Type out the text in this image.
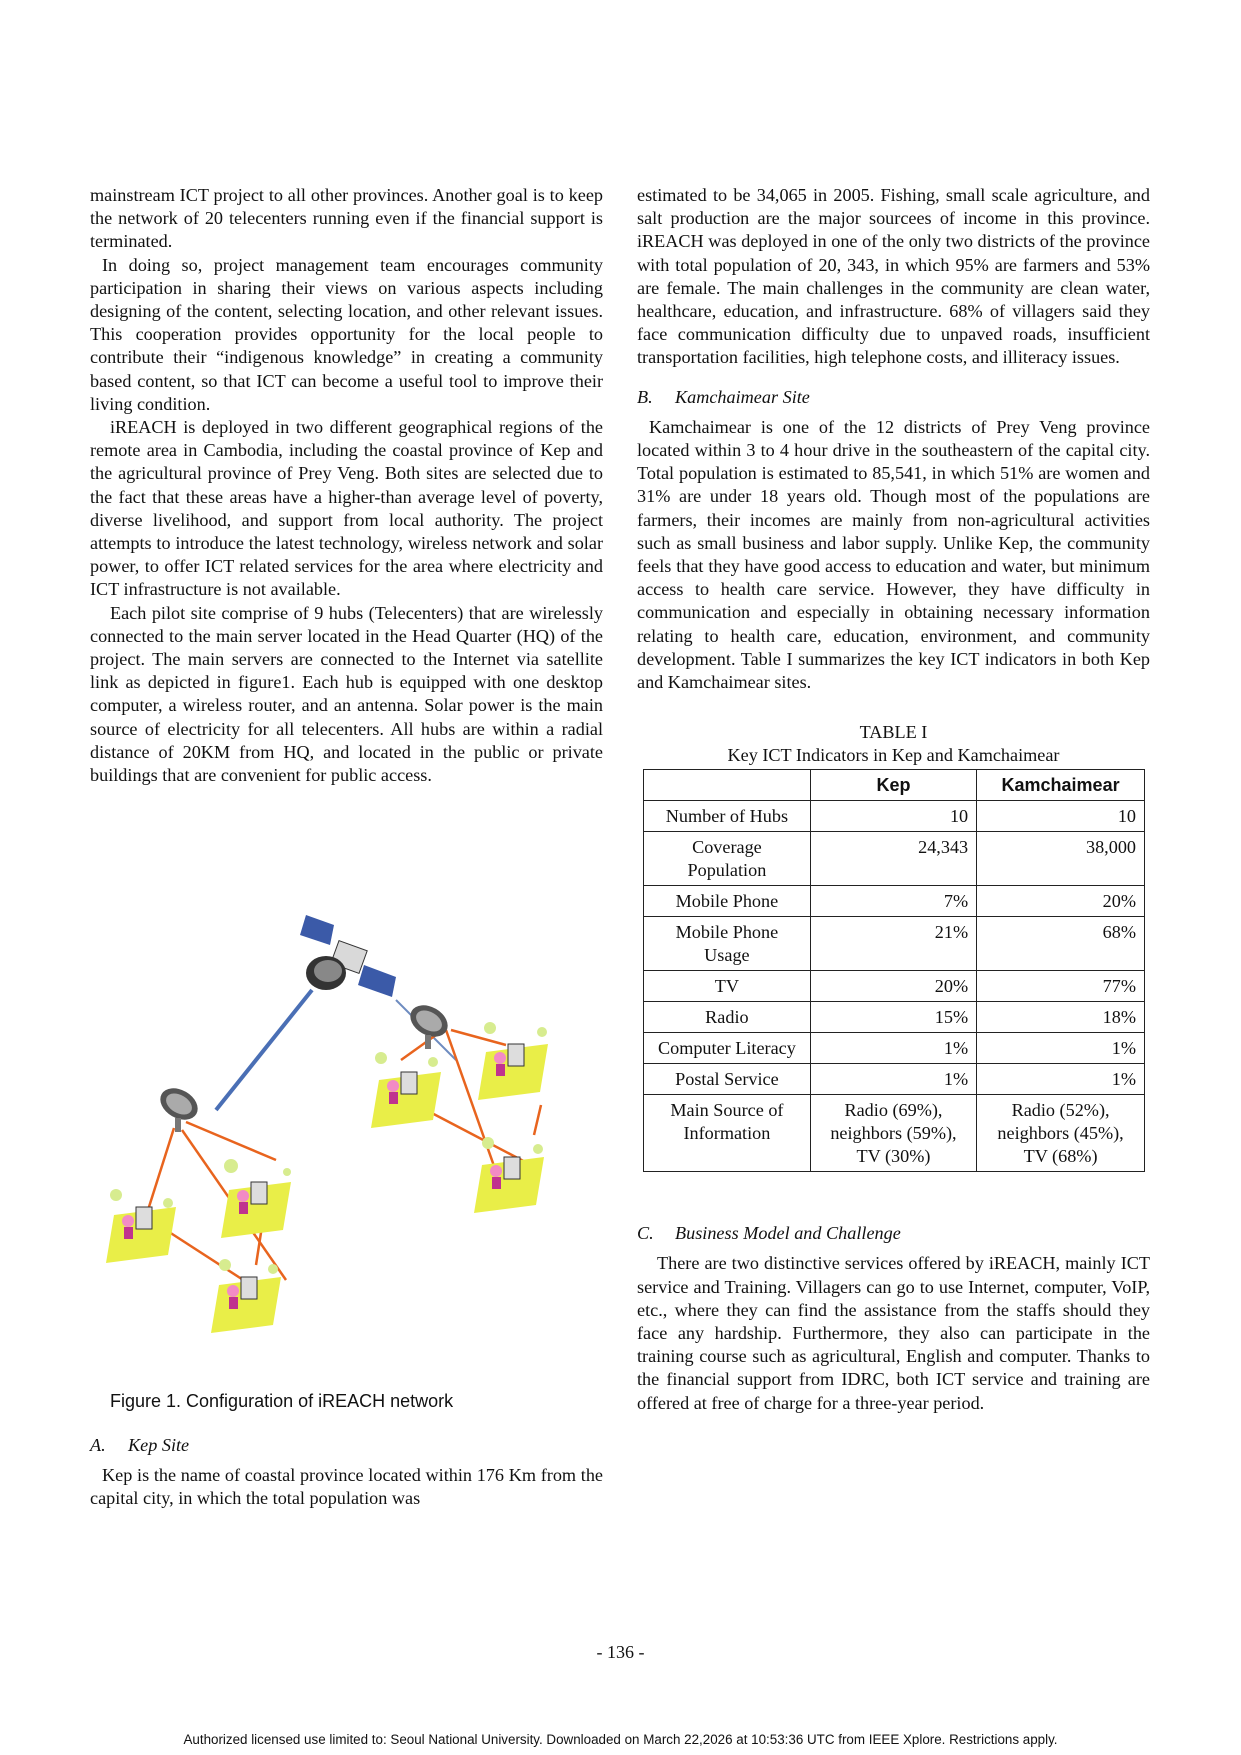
mainstream ICT project to all other provinces. Another goal is to keep the network of 20 telecenters running even if the financial support is terminated.

In doing so, project management team encourages community participation in sharing their views on various aspects including designing of the content, selecting location, and other relevant issues. This cooperation provides opportunity for the local people to contribute their “indigenous knowledge” in creating a community based content, so that ICT can become a useful tool to improve their living condition.

iREACH is deployed in two different geographical regions of the remote area in Cambodia, including the coastal province of Kep and the agricultural province of Prey Veng. Both sites are selected due to the fact that these areas have a higher-than average level of poverty, diverse livelihood, and support from local authority. The project attempts to introduce the latest technology, wireless network and solar power, to offer ICT related services for the area where electricity and ICT infrastructure is not available.

Each pilot site comprise of 9 hubs (Telecenters) that are wirelessly connected to the main server located in the Head Quarter (HQ) of the project. The main servers are connected to the Internet via satellite link as depicted in figure1. Each hub is equipped with one desktop computer, a wireless router, and an antenna. Solar power is the main source of electricity for all telecenters. All hubs are within a radial distance of 20KM from HQ, and located in the public or private buildings that are convenient for public access.

Figure 1. Configuration of iREACH network
A. Kep Site

Kep is the name of coastal province located within 176 Km from the capital city, in which the total population was

estimated to be 34,065 in 2005. Fishing, small scale agriculture, and salt production are the major sourcees of income in this province. iREACH was deployed in one of the only two districts of the province with total population of 20, 343, in which 95% are farmers and 53% are female. The main challenges in the community are clean water, healthcare, education, and infrastructure. 68% of villagers said they face communication difficulty due to unpaved roads, insufficient transportation facilities, high telephone costs, and illiteracy issues.

B. Kamchaimear Site

Kamchaimear is one of the 12 districts of Prey Veng province located within 3 to 4 hour drive in the southeastern of the capital city. Total population is estimated to 85,541, in which 51% are women and 31% are under 18 years old. Though most of the populations are farmers, their incomes are mainly from non-agricultural activities such as small business and labor supply. Unlike Kep, the community feels that they have good access to education and water, but minimum access to health care service. However, they have difficulty in communication and especially in obtaining necessary information relating to health care, education, environment, and community development. Table I summarizes the key ICT indicators in both Kep and Kamchaimear sites.

TABLE I
Key ICT Indicators in Kep and Kamchaimear
	Kep	Kamchaimear
Number of Hubs	10	10
Coverage Population	24,343	38,000
Mobile Phone	7%	20%
Mobile Phone Usage	21%	68%
TV	20%	77%
Radio	15%	18%
Computer Literacy	1%	1%
Postal Service	1%	1%
Main Source of Information	Radio (69%), neighbors (59%), TV (30%)	Radio (52%), neighbors (45%), TV (68%)
C. Business Model and Challenge

There are two distinctive services offered by iREACH, mainly ICT service and Training. Villagers can go to use Internet, computer, VoIP, etc., where they can find the assistance from the staffs should they face any hardship. Furthermore, they also can participate in the training course such as agricultural, English and computer. Thanks to the financial support from IDRC, both ICT service and training are offered at free of charge for a three-year period.

- 136 -
Authorized licensed use limited to: Seoul National University. Downloaded on March 22,2026 at 10:53:36 UTC from IEEE Xplore. Restrictions apply.
